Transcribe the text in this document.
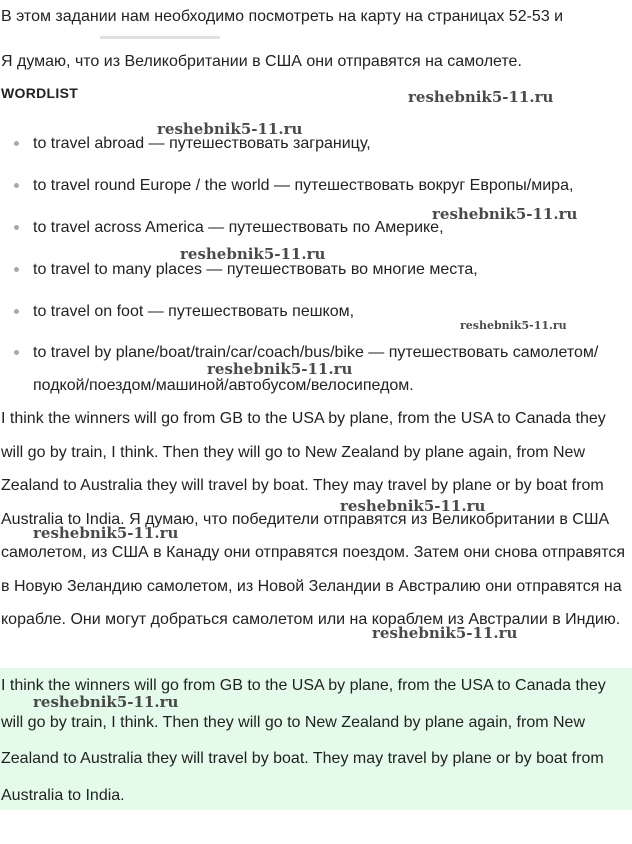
В этом задании нам необходимо посмотреть на карту на страницах 52-53 и
Я думаю, что из Великобритании в США они отправятся на самолете.
WORDLIST
to travel abroad — путешествовать заграницу,
to travel round Europe / the world — путешествовать вокруг Европы/мира,
to travel across America — путешествовать по Америке,
to travel to many places — путешествовать во многие места,
to travel on foot — путешествовать пешком,
to travel by plane/boat/train/car/coach/bus/bike — путешествовать самолетом/подкой/поездом/машиной/автобусом/велосипедом.
I think the winners will go from GB to the USA by plane, from the USA to Canada they will go by train, I think. Then they will go to New Zealand by plane again, from New Zealand to Australia they will travel by boat. They may travel by plane or by boat from Australia to India. Я думаю, что победители отправятся из Великобритании в США самолетом, из США в Канаду они отправятся поездом. Затем они снова отправятся в Новую Зеландию самолетом, из Новой Зеландии в Австралию они отправятся на корабле. Они могут добраться самолетом или на кораблем из Австралии в Индию.
I think the winners will go from GB to the USA by plane, from the USA to Canada they will go by train, I think. Then they will go to New Zealand by plane again, from New Zealand to Australia they will travel by boat. They may travel by plane or by boat from Australia to India.
reshebnik5-11.ru
reshebnik5-11.ru
reshebnik5-11.ru
reshebnik5-11.ru
reshebnik5-11.ru
reshebnik5-11.ru
reshebnik5-11.ru
reshebnik5-11.ru
reshebnik5-11.ru
reshebnik5-11.ru
